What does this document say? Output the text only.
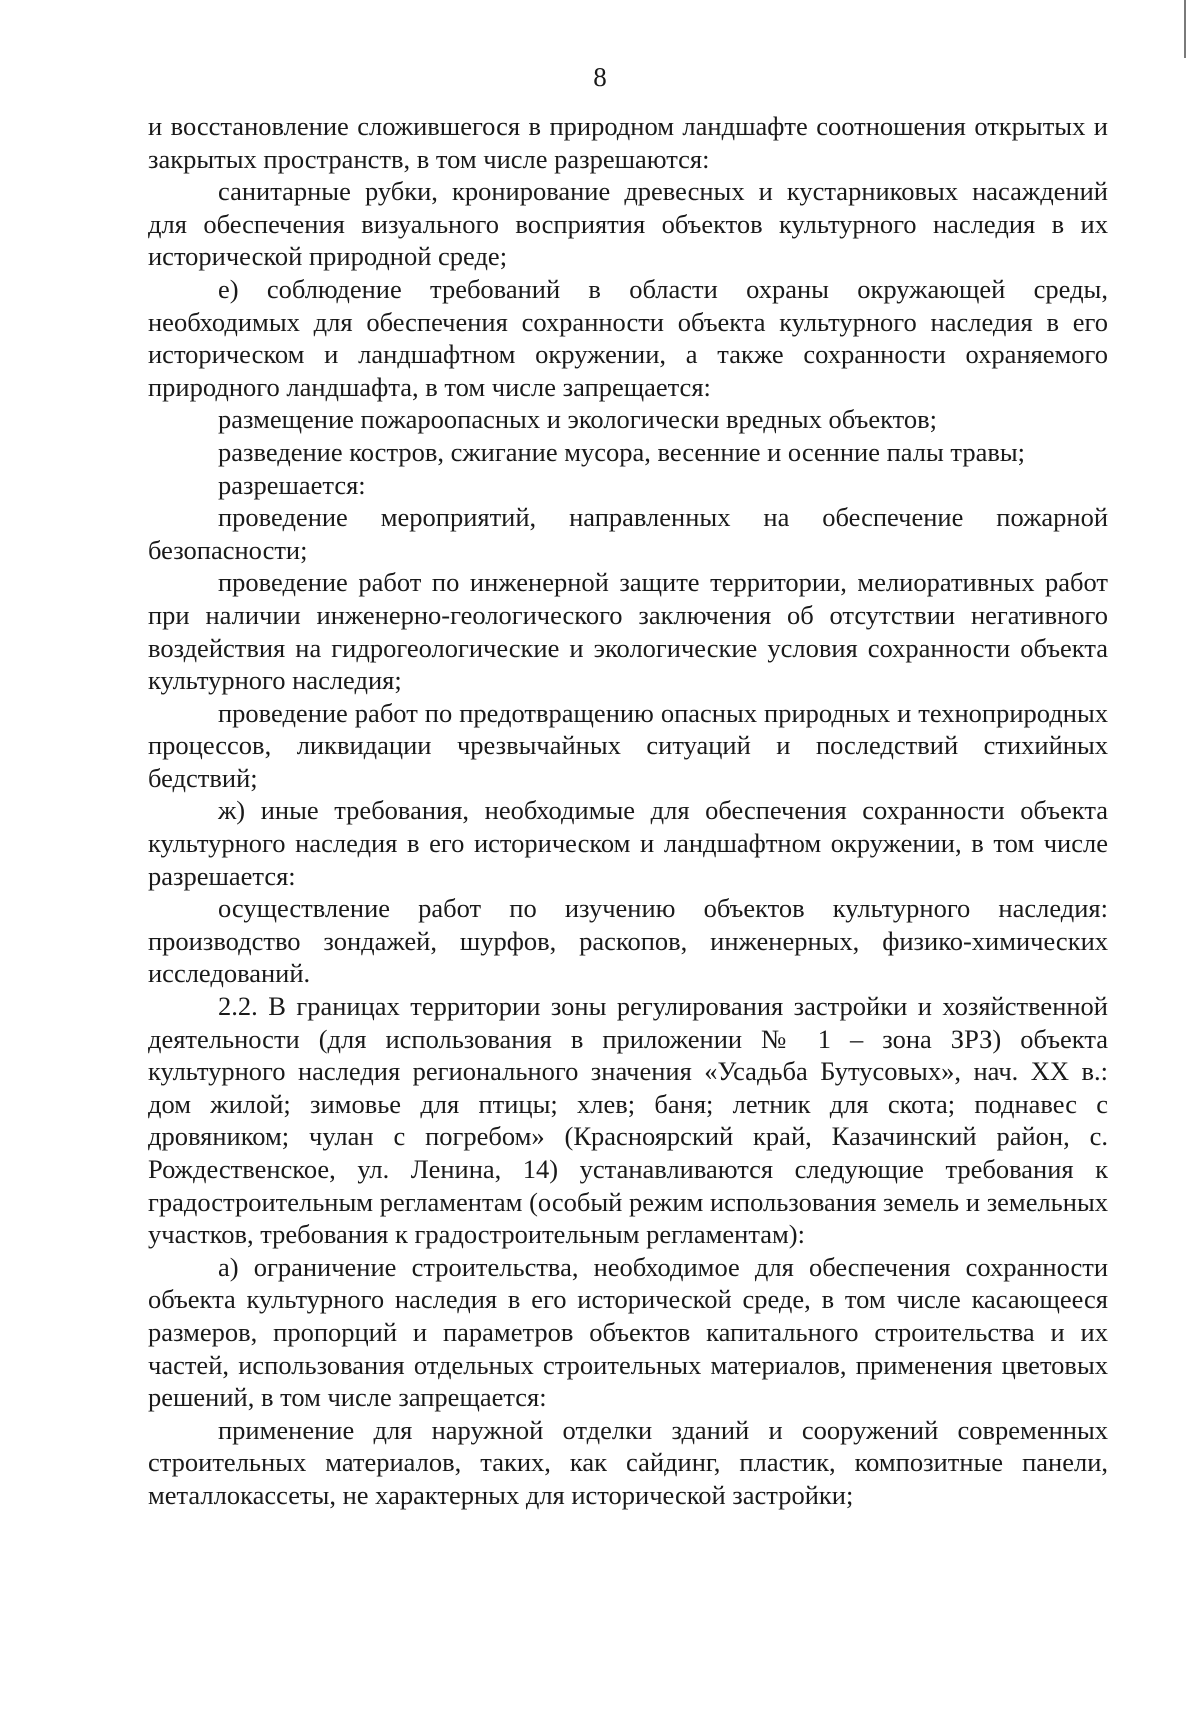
8

и восстановление сложившегося в природном ландшафте соотношения открытых и закрытых пространств, в том числе разрешаются:

санитарные рубки, кронирование древесных и кустарниковых насаждений для обеспечения визуального восприятия объектов культурного наследия в их исторической природной среде;

е) соблюдение требований в области охраны окружающей среды, необходимых для обеспечения сохранности объекта культурного наследия в его историческом и ландшафтном окружении, а также сохранности охраняемого природного ландшафта, в том числе запрещается:

размещение пожароопасных и экологически вредных объектов;

разведение костров, сжигание мусора, весенние и осенние палы травы;

разрешается:

проведение мероприятий, направленных на обеспечение пожарной безопасности;

проведение работ по инженерной защите территории, мелиоративных работ при наличии инженерно-геологического заключения об отсутствии негативного воздействия на гидрогеологические и экологические условия сохранности объекта культурного наследия;

проведение работ по предотвращению опасных природных и техноприродных процессов, ликвидации чрезвычайных ситуаций и последствий стихийных бедствий;

ж) иные требования, необходимые для обеспечения сохранности объекта культурного наследия в его историческом и ландшафтном окружении, в том числе разрешается:

осуществление работ по изучению объектов культурного наследия: производство зондажей, шурфов, раскопов, инженерных, физико-химических исследований.

2.2. В границах территории зоны регулирования застройки и хозяйственной деятельности (для использования в приложении № 1 – зона ЗРЗ) объекта культурного наследия регионального значения «Усадьба Бутусовых», нач. XX в.: дом жилой; зимовье для птицы; хлев; баня; летник для скота; поднавес с дровяником; чулан с погребом» (Красноярский край, Казачинский район, с. Рождественское, ул. Ленина, 14) устанавливаются следующие требования к градостроительным регламентам (особый режим использования земель и земельных участков, требования к градостроительным регламентам):

а) ограничение строительства, необходимое для обеспечения сохранности объекта культурного наследия в его исторической среде, в том числе касающееся размеров, пропорций и параметров объектов капитального строительства и их частей, использования отдельных строительных материалов, применения цветовых решений, в том числе запрещается:

применение для наружной отделки зданий и сооружений современных строительных материалов, таких, как сайдинг, пластик, композитные панели, металлокассеты, не характерных для исторической застройки;
